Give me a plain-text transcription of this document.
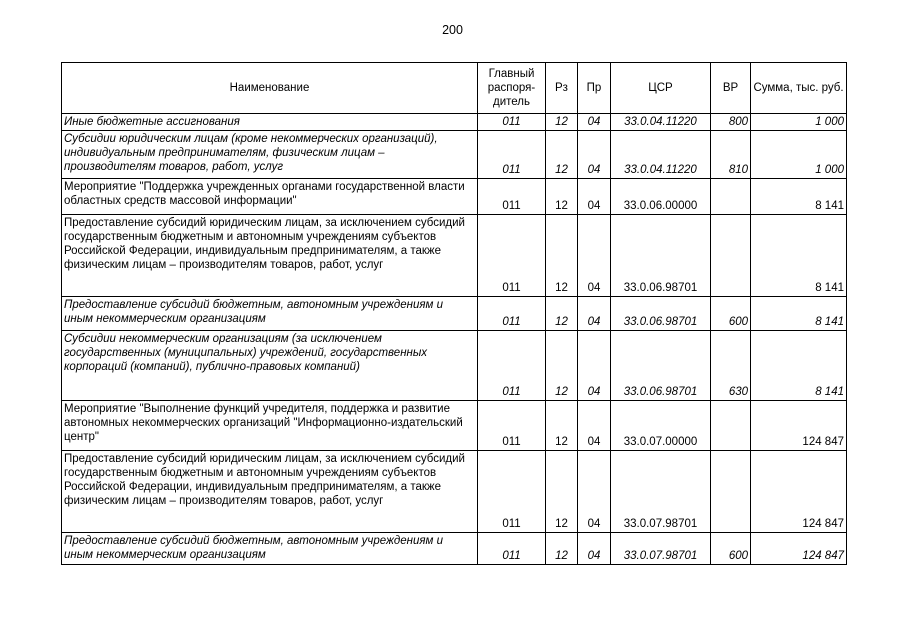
200
Наименование	Главный распоря-дитель	Рз	Пр	ЦСР	ВР	Сумма, тыс. руб.
Иные бюджетные ассигнования	011	12	04	33.0.04.11220	800	1 000
Субсидии юридическим лицам (кроме некоммерческих организаций), индивидуальным предпринимателям, физическим лицам – производителям товаров, работ, услуг	011	12	04	33.0.04.11220	810	1 000
Мероприятие "Поддержка учрежденных органами государственной власти областных средств массовой информации"	011	12	04	33.0.06.00000		8 141
Предоставление субсидий юридическим лицам, за исключением субсидий государственным бюджетным и автономным учреждениям субъектов Российской Федерации, индивидуальным предпринимателям, а также физическим лицам – производителям товаров, работ, услуг	011	12	04	33.0.06.98701		8 141
Предоставление субсидий бюджетным, автономным учреждениям и иным некоммерческим организациям	011	12	04	33.0.06.98701	600	8 141
Субсидии некоммерческим организациям (за исключением государственных (муниципальных) учреждений, государственных корпораций (компаний), публично-правовых компаний)	011	12	04	33.0.06.98701	630	8 141
Мероприятие "Выполнение функций учредителя, поддержка и развитие автономных некоммерческих организаций "Информационно-издательский центр"	011	12	04	33.0.07.00000		124 847
Предоставление субсидий юридическим лицам, за исключением субсидий государственным бюджетным и автономным учреждениям субъектов Российской Федерации, индивидуальным предпринимателям, а также физическим лицам – производителям товаров, работ, услуг	011	12	04	33.0.07.98701		124 847
Предоставление субсидий бюджетным, автономным учреждениям и иным некоммерческим организациям	011	12	04	33.0.07.98701	600	124 847
